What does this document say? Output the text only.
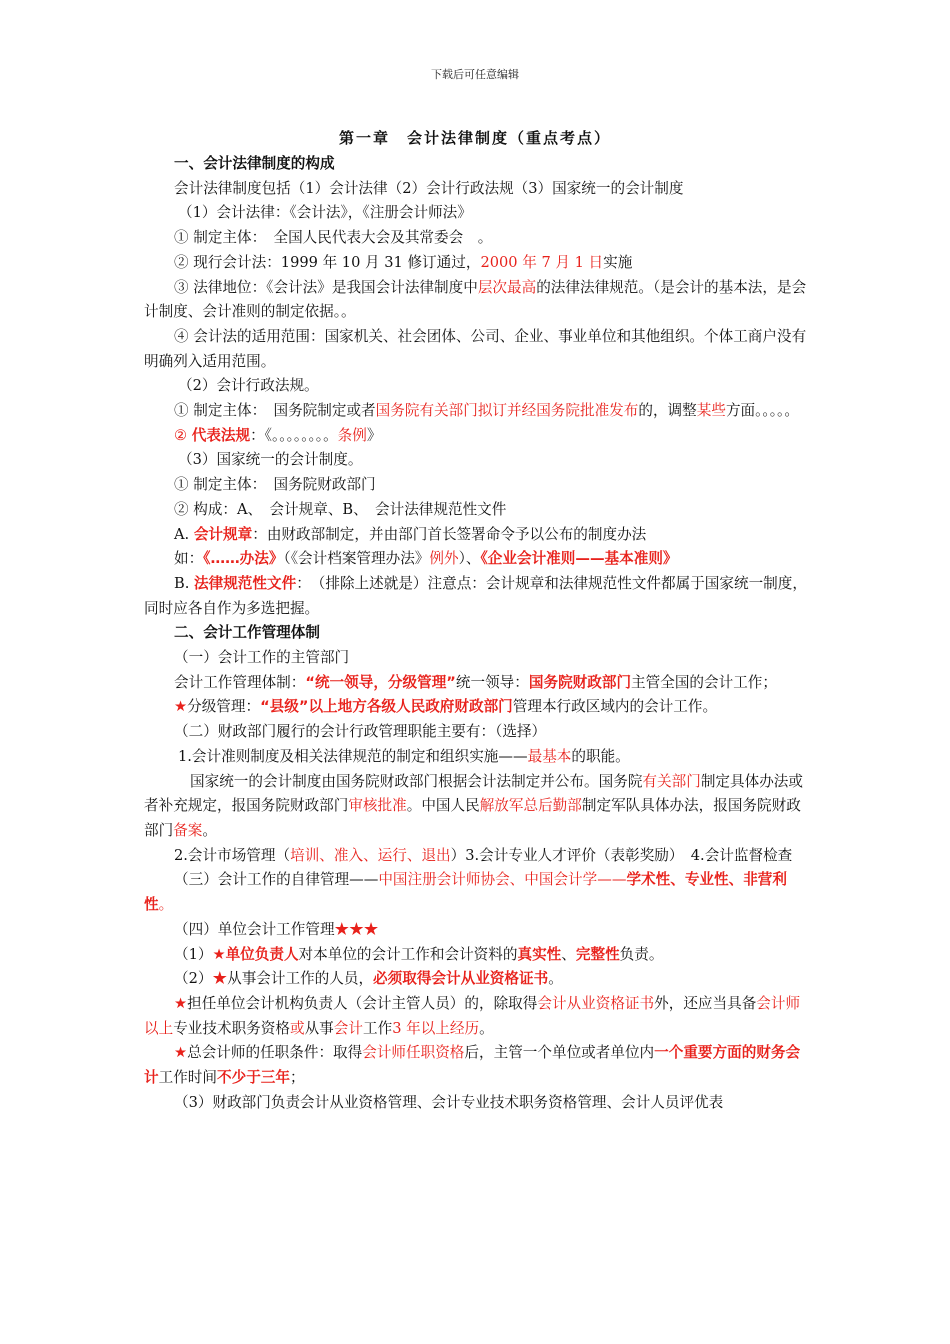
下载后可任意编辑
第一章　会计法律制度（重点考点）
一、会计法律制度的构成
会计法律制度包括（1）会计法律（2）会计行政法规（3）国家统一的会计制度
（1）会计法律：《会计法》，《注册会计师法》
① 制定主体：　全国人民代表大会及其常委会　。
② 现行会计法：1999 年 10 月 31 修订通过，2000 年 7 月 1 日实施
③ 法律地位：《会计法》是我国会计法律制度中层次最高的法律法律规范。（是会计的基本法，是会计制度、会计准则的制定依据。。
④ 会计法的适用范围：国家机关、社会团体、公司、企业、事业单位和其他组织。个体工商户没有明确列入适用范围。
（2）会计行政法规。
① 制定主体：　国务院制定或者国务院有关部门拟订并经国务院批准发布的，调整某些方面。。。。。
② 代表法规：《。。。。。。。。条例》
（3）国家统一的会计制度。
① 制定主体：　国务院财政部门
② 构成：A、　会计规章、B、　会计法律规范性文件
A. 会计规章：由财政部制定，并由部门首长签署命令予以公布的制度办法
如：《……办法》（《会计档案管理办法》例外）、《企业会计准则——基本准则》
B. 法律规范性文件：　（排除上述就是）注意点：会计规章和法律规范性文件都属于国家统一制度，同时应各自作为多选把握。
二、会计工作管理体制
（一）会计工作的主管部门
会计工作管理体制：“统一领导，分级管理”统一领导：国务院财政部门主管全国的会计工作；
★分级管理：“县级”以上地方各级人民政府财政部门管理本行政区域内的会计工作。
（二）财政部门履行的会计行政管理职能主要有：（选择）
1.会计准则制度及相关法律规范的制定和组织实施——最基本的职能。
国家统一的会计制度由国务院财政部门根据会计法制定并公布。国务院有关部门制定具体办法或者补充规定，报国务院财政部门审核批准。中国人民解放军总后勤部制定军队具体办法，报国务院财政部门备案。
2.会计市场管理（培训、准入、运行、退出）3.会计专业人才评价（表彰奖励）　4.会计监督检查
（三）会计工作的自律管理——中国注册会计师协会、中国会计学——学术性、专业性、非营利性。
（四）单位会计工作管理★★★
（1）★单位负责人对本单位的会计工作和会计资料的真实性、完整性负责。
（2）★从事会计工作的人员，必须取得会计从业资格证书。
★担任单位会计机构负责人（会计主管人员）的，除取得会计从业资格证书外，还应当具备会计师以上专业技术职务资格或从事会计工作3 年以上经历。
★总会计师的任职条件：取得会计师任职资格后，主管一个单位或者单位内一个重要方面的财务会计工作时间不少于三年；
（3）财政部门负责会计从业资格管理、会计专业技术职务资格管理、会计人员评优表
